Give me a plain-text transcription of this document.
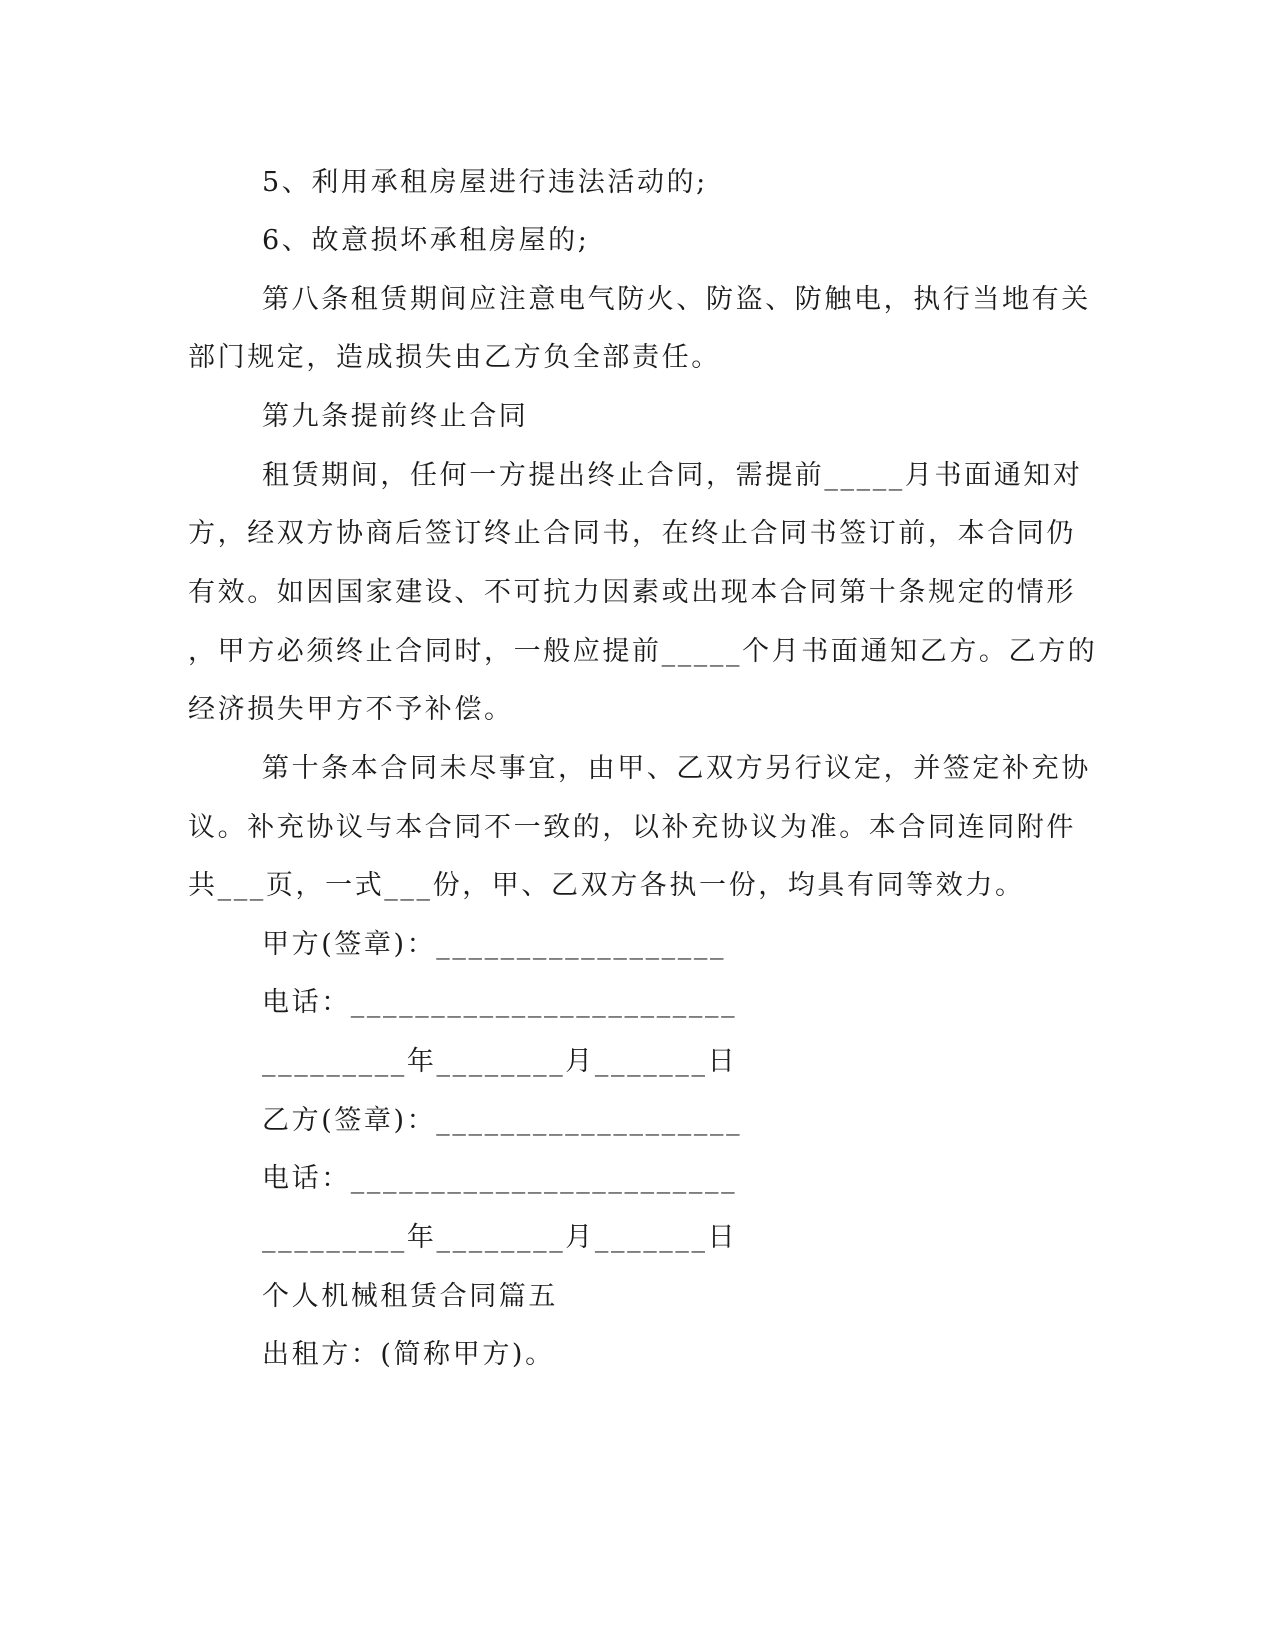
5、利用承租房屋进行违法活动的;
6、故意损坏承租房屋的;
第八条租赁期间应注意电气防火、防盗、防触电，执行当地有关
部门规定，造成损失由乙方负全部责任。
第九条提前终止合同
租赁期间，任何一方提出终止合同，需提前_____月书面通知对
方，经双方协商后签订终止合同书，在终止合同书签订前，本合同仍
有效。如因国家建设、不可抗力因素或出现本合同第十条规定的情形
，甲方必须终止合同时，一般应提前_____个月书面通知乙方。乙方的
经济损失甲方不予补偿。
第十条本合同未尽事宜，由甲、乙双方另行议定，并签定补充协
议。补充协议与本合同不一致的，以补充协议为准。本合同连同附件
共___页，一式___份，甲、乙双方各执一份，均具有同等效力。
甲方(签章)：__________________
电话：________________________
_________年________月_______日
乙方(签章)：___________________
电话：________________________
_________年________月_______日
个人机械租赁合同篇五
出租方：(简称甲方)。
